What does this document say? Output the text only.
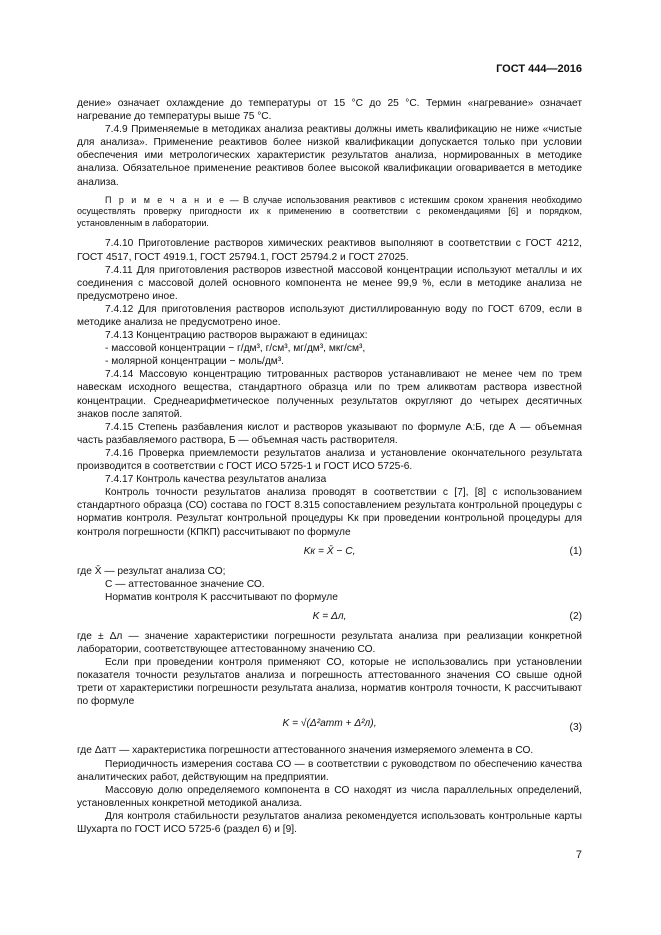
ГОСТ 444—2016

дение» означает охлаждение до температуры от 15 °С до 25 °С. Термин «нагревание» означает нагревание до температуры выше 75 °С.

7.4.9 Применяемые в методиках анализа реактивы должны иметь квалификацию не ниже «чистые для анализа». Применение реактивов более низкой квалификации допускается только при условии обеспечения ими метрологических характеристик результатов анализа, нормированных в методике анализа. Обязательное применение реактивов более высокой квалификации оговаривается в методике анализа.

П р и м е ч а н и е — В случае использования реактивов с истекшим сроком хранения необходимо осуществлять проверку пригодности их к применению в соответствии с рекомендациями [6] и порядком, установленным в лаборатории.

7.4.10 Приготовление растворов химических реактивов выполняют в соответствии с ГОСТ 4212, ГОСТ 4517, ГОСТ 4919.1, ГОСТ 25794.1, ГОСТ 25794.2 и ГОСТ 27025.

7.4.11 Для приготовления растворов известной массовой концентрации используют металлы и их соединения с массовой долей основного компонента не менее 99,9 %, если в методике анализа не предусмотрено иное.

7.4.12 Для приготовления растворов используют дистиллированную воду по ГОСТ 6709, если в методике анализа не предусмотрено иное.

7.4.13 Концентрацию растворов выражают в единицах:

- массовой концентрации − г/дм³, г/см³, мг/дм³, мкг/см³,

- молярной концентрации − моль/дм³.

7.4.14 Массовую концентрацию титрованных растворов устанавливают не менее чем по трем навескам исходного вещества, стандартного образца или по трем аликвотам раствора известной концентрации. Среднеарифметическое полученных результатов округляют до четырех десятичных знаков после запятой.

7.4.15 Степень разбавления кислот и растворов указывают по формуле А:Б, где А — объемная часть разбавляемого раствора, Б — объемная часть растворителя.

7.4.16 Проверка приемлемости результатов анализа и установление окончательного результата производится в соответствии с ГОСТ ИСО 5725-1 и ГОСТ ИСО 5725-6.

7.4.17 Контроль качества результатов анализа

Контроль точности результатов анализа проводят в соответствии с [7], [8] с использованием стандартного образца (СО) состава по ГОСТ 8.315 сопоставлением результата контрольной процедуры с норматив контроля. Результат контрольной процедуры Kк при проведении контрольной процедуры для контроля погрешности (КПКП) рассчитывают по формуле

Kк = X̄ − C,	(1)

где X̄ — результат анализа СО;

C — аттестованное значение СО.

Норматив контроля K рассчитывают по формуле

K = Δл,	(2)

где ± Δл — значение характеристики погрешности результата анализа при реализации конкретной лаборатории, соответствующее аттестованному значению СО.

Если при проведении контроля применяют СО, которые не использовались при установлении показателя точности результатов анализа и погрешность аттестованного значения СО свыше одной трети от характеристики погрешности результата анализа, норматив контроля точности, K рассчитывают по формуле

K = √(Δ²атт + Δ²л),	(3)

где Δатт — характеристика погрешности аттестованного значения измеряемого элемента в СО.

Периодичность измерения состава СО — в соответствии с руководством по обеспечению качества аналитических работ, действующим на предприятии.

Массовую долю определяемого компонента в СО находят из числа параллельных определений, установленных конкретной методикой анализа.

Для контроля стабильности результатов анализа рекомендуется использовать контрольные карты Шухарта по ГОСТ ИСО 5725-6 (раздел 6) и [9].

7
